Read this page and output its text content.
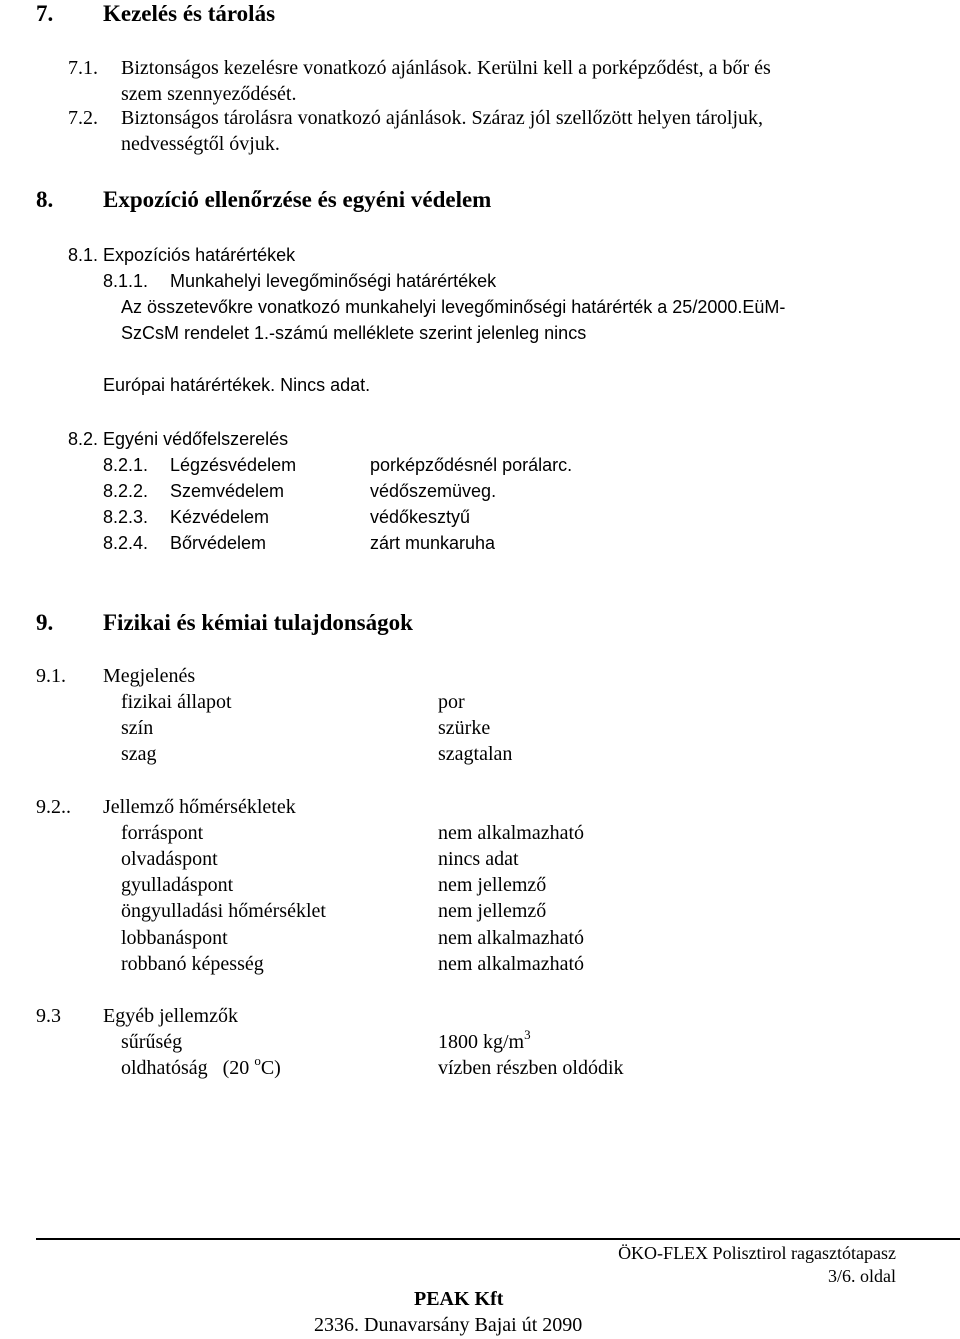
7. Kezelés és tárolás
7.1. Biztonságos kezelésre vonatkozó ajánlások. Kerülni kell a porképződést, a bőr és
szem szennyeződését.
7.2. Biztonságos tárolásra vonatkozó ajánlások. Száraz jól szellőzött helyen tároljuk,
nedvességtől óvjuk.
8. Expozíció ellenőrzése és egyéni védelem
8.1. Expozíciós határértékek
8.1.1. Munkahelyi levegőminőségi határértékek
Az összetevőkre vonatkozó munkahelyi levegőminőségi határérték a 25/2000.EüM-
SzCsM rendelet 1.-számú melléklete szerint jelenleg nincs
Európai határértékek. Nincs adat.
8.2. Egyéni védőfelszerelés
8.2.1. Légzésvédelem	porképződésnél porálarc.
8.2.2. Szemvédelem	védőszemüveg.
8.2.3. Kézvédelem	védőkesztyű
8.2.4. Bőrvédelem	zárt munkaruha
9. Fizikai és kémiai tulajdonságok
9.1. Megjelenés
fizikai állapot	por
szín	szürke
szag	szagtalan
9.2.. Jellemző hőmérsékletek
forráspont	nem alkalmazható
olvadáspont	nincs adat
gyulladáspont	nem jellemző
öngyulladási hőmérséklet	nem jellemző
lobbanáspont	nem alkalmazható
robbanó képesség	nem alkalmazható
9.3 Egyéb jellemzők
sűrűség	1800 $kg/m^3$
oldhatóság   (20 $^o$C)	vízben részben oldódik
ÖKO-FLEX Polisztirol ragasztótapasz
3/6. oldal
PEAK Kft
2336. Dunavarsány Bajai út 2090
